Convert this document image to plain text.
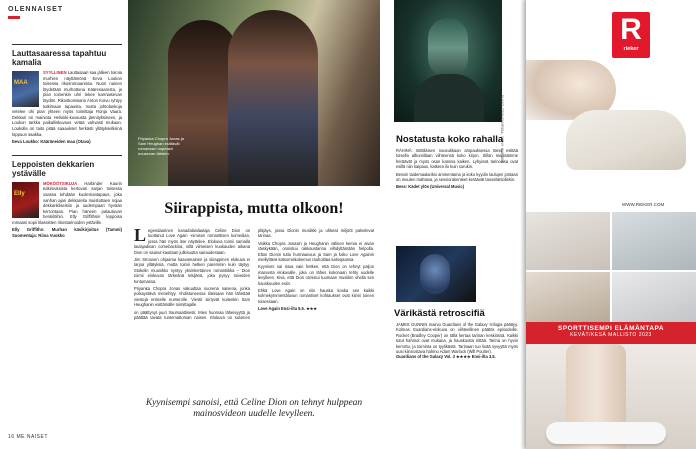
OLENNAISET
Lauttasaaressa tapahtuu kamalia
MAA

SYYLLINEN Lauttasaari saa jälleen toimia murhien näyttämönä Eeva Loukon toisessa rikosromaanissa. Nuori nainen löydetään murhattuna Kääresaaresta, ja pian toinenkin uhri tekee karmaisevan löydön. Rikoskomisario Anton Koivu ryhtyy tutkimaan tapausta, mutta johtolankoja vetelee ohi pian yhteen myös toimittaja Ronja Vaara. Dekkari on mainiota Helsinki-kuvausta jännityksineen, ja Loukon tarkka paikalliskuvaus vetää vahvasti mukaan. Loukolla on taito pitää saaaukset herkästi yllätyksellisinä loppuun saakka.

Eeva Loukko: Kääräneiden maa (Otava)

Leppoisten dekkarien ystävälle
Elly

MÖKÖÖTSIKUJA Harbinder Kaurin tutkimuksista kertovan sarjan toisessa osassa tehdään kuolemantapaus, joka vanhan ajan dekkareita muistuttaen nojaa dekkarikliseisiin ja uudempaan hyvään kerrontaan. Pian häneen palautuvan henkilöihin. Elly Griffithsin leppoisa romaani sopii klassisten rikostarinoiden ystäville.

Elly Griffiths: Murhan käsikirjoitus (Tammi) Suomentaja: Riina Vuokko

Priyanka Chopra Jonas ja Sam Heughan esittävät romanssin nopeasti nousevan tähden.
Siirappista, mutta olkoon!

Legendaarinen kanadalaislaulaja Celine Dion on tuottanut Love Again -nimisen romanttisen komedian, jossa hän myös itse näyttelee. Elokuva toimii samalla laulajadivan comebackina, sillä viimeisen kuukauden aikana Dion on saanut kauttaan julkisuutta sairaudestaan.

Jim Strousen ohjaama kaavamainen ja siirappinen elokuva ei tarjoa yllätyksiä, mutta toimii hetken paremmin kuin täytyy. Stokelin muusikko syntyy yksinkertainen romantiikka – Dion toimii elokuvan tärkeänä tekijänä, joka pysyy toiveiden tuntumassa.

Priyanka Chopra Jonas vakuuttaa nuorena naisena, jonka poikaystävä menehtyy. Ahdistuneessa tilassaan hän lähettää viestejä entiselle numerolle. Viestit siirtyvät kuitenkin Sam Heughanin esittämälle toimittajalle.

on päättynyt juuri traumaattisesti. Mies huomaa läheisyyttä ja päättää tavata tuntemattoman naisen. Elokuva on suloinen pläjäys, jossa Dionin musiikki ja uhkeat miljööt palvelevat tarinaa.

Vaikka Chopra Jonasin ja Heughanin välinen kemia ei aivan räiskykään, onnistuu rakkaustarina viihdyttämään helpolla. Elton Dionin tuttu hurmaavuus ja Sam ja koko Love Againin miellyttävä katsomiskokemus rauhoittaa katsojaansa.

Kyynismi sai istua vain hetken, että Dion on tehnyt paljon mainosta elokuvalle, joka on lähes kokonaan tehty uudelle levylleen. Kiva, että Dion onnistui tuomaan musiikin ohella sen hauskuuden esiin.

Ehkä Love Again on niin hauska koska sen kaikki kolmekymmentäluvun romantiset kohtaukset ovat kiinni toinen toisessaan.

Love Again Ensi-ilta 5.5. ★★★

Kyynisempi sanoisi, että Celine Dion on tehnyt hulppean mainosvideon uudelle levylleen.
16 ME NAISET
KUVAT: CRUNCHYROLL, SONY, WARNER
Nostatusta koko rahalla

RÄHINÄ: Brittiläisen nousukkaan ampauksessa Bess esittää toisella albumillaan viihteensä koko kirjon. Sillan menisämme heräävät ja myös osan kanssa kaiken. Lyhyissä tarinoissa ovat esillä niin kaipaus, katkera ilo kuin surukin.

Bessin taidemaalariksi ammentama ja koko kyydin laulujen pintaan on muuten mahtava, ja sessiorakenteet keräävät tanssilattiollekin.

Bess: Kädet ylös (Universal Music)

Värikästä retroscifiä

JAMES GUNNIN mainio Guardians of the Galaxy -trilogia päättyy. Kolmas Guardians-elokuva on viihteellinen päätös episodeille. Rocket (Bradley Cooper) on tällä kertaa tarinan keskiössä. Kaikki tutut hahmot ovat mukana, ja hauskuutta riittää. Tarina on hyvin kerrottu, ja toiminta on tyylikästä. Tarinaan tuo lisää syvyyttä myös uusi kiinnostava hahmo Adam Warlock (Will Poulter).

Guardians of the Galaxy Vol. 3 ★★★★ Ensi-ilta 3.5.

R
rieker
WWW.RIEKER.COM
SPORTTISEMPI ELÄMÄNTAPA
KEVÄT/KESÄ MALLISTO 2023
